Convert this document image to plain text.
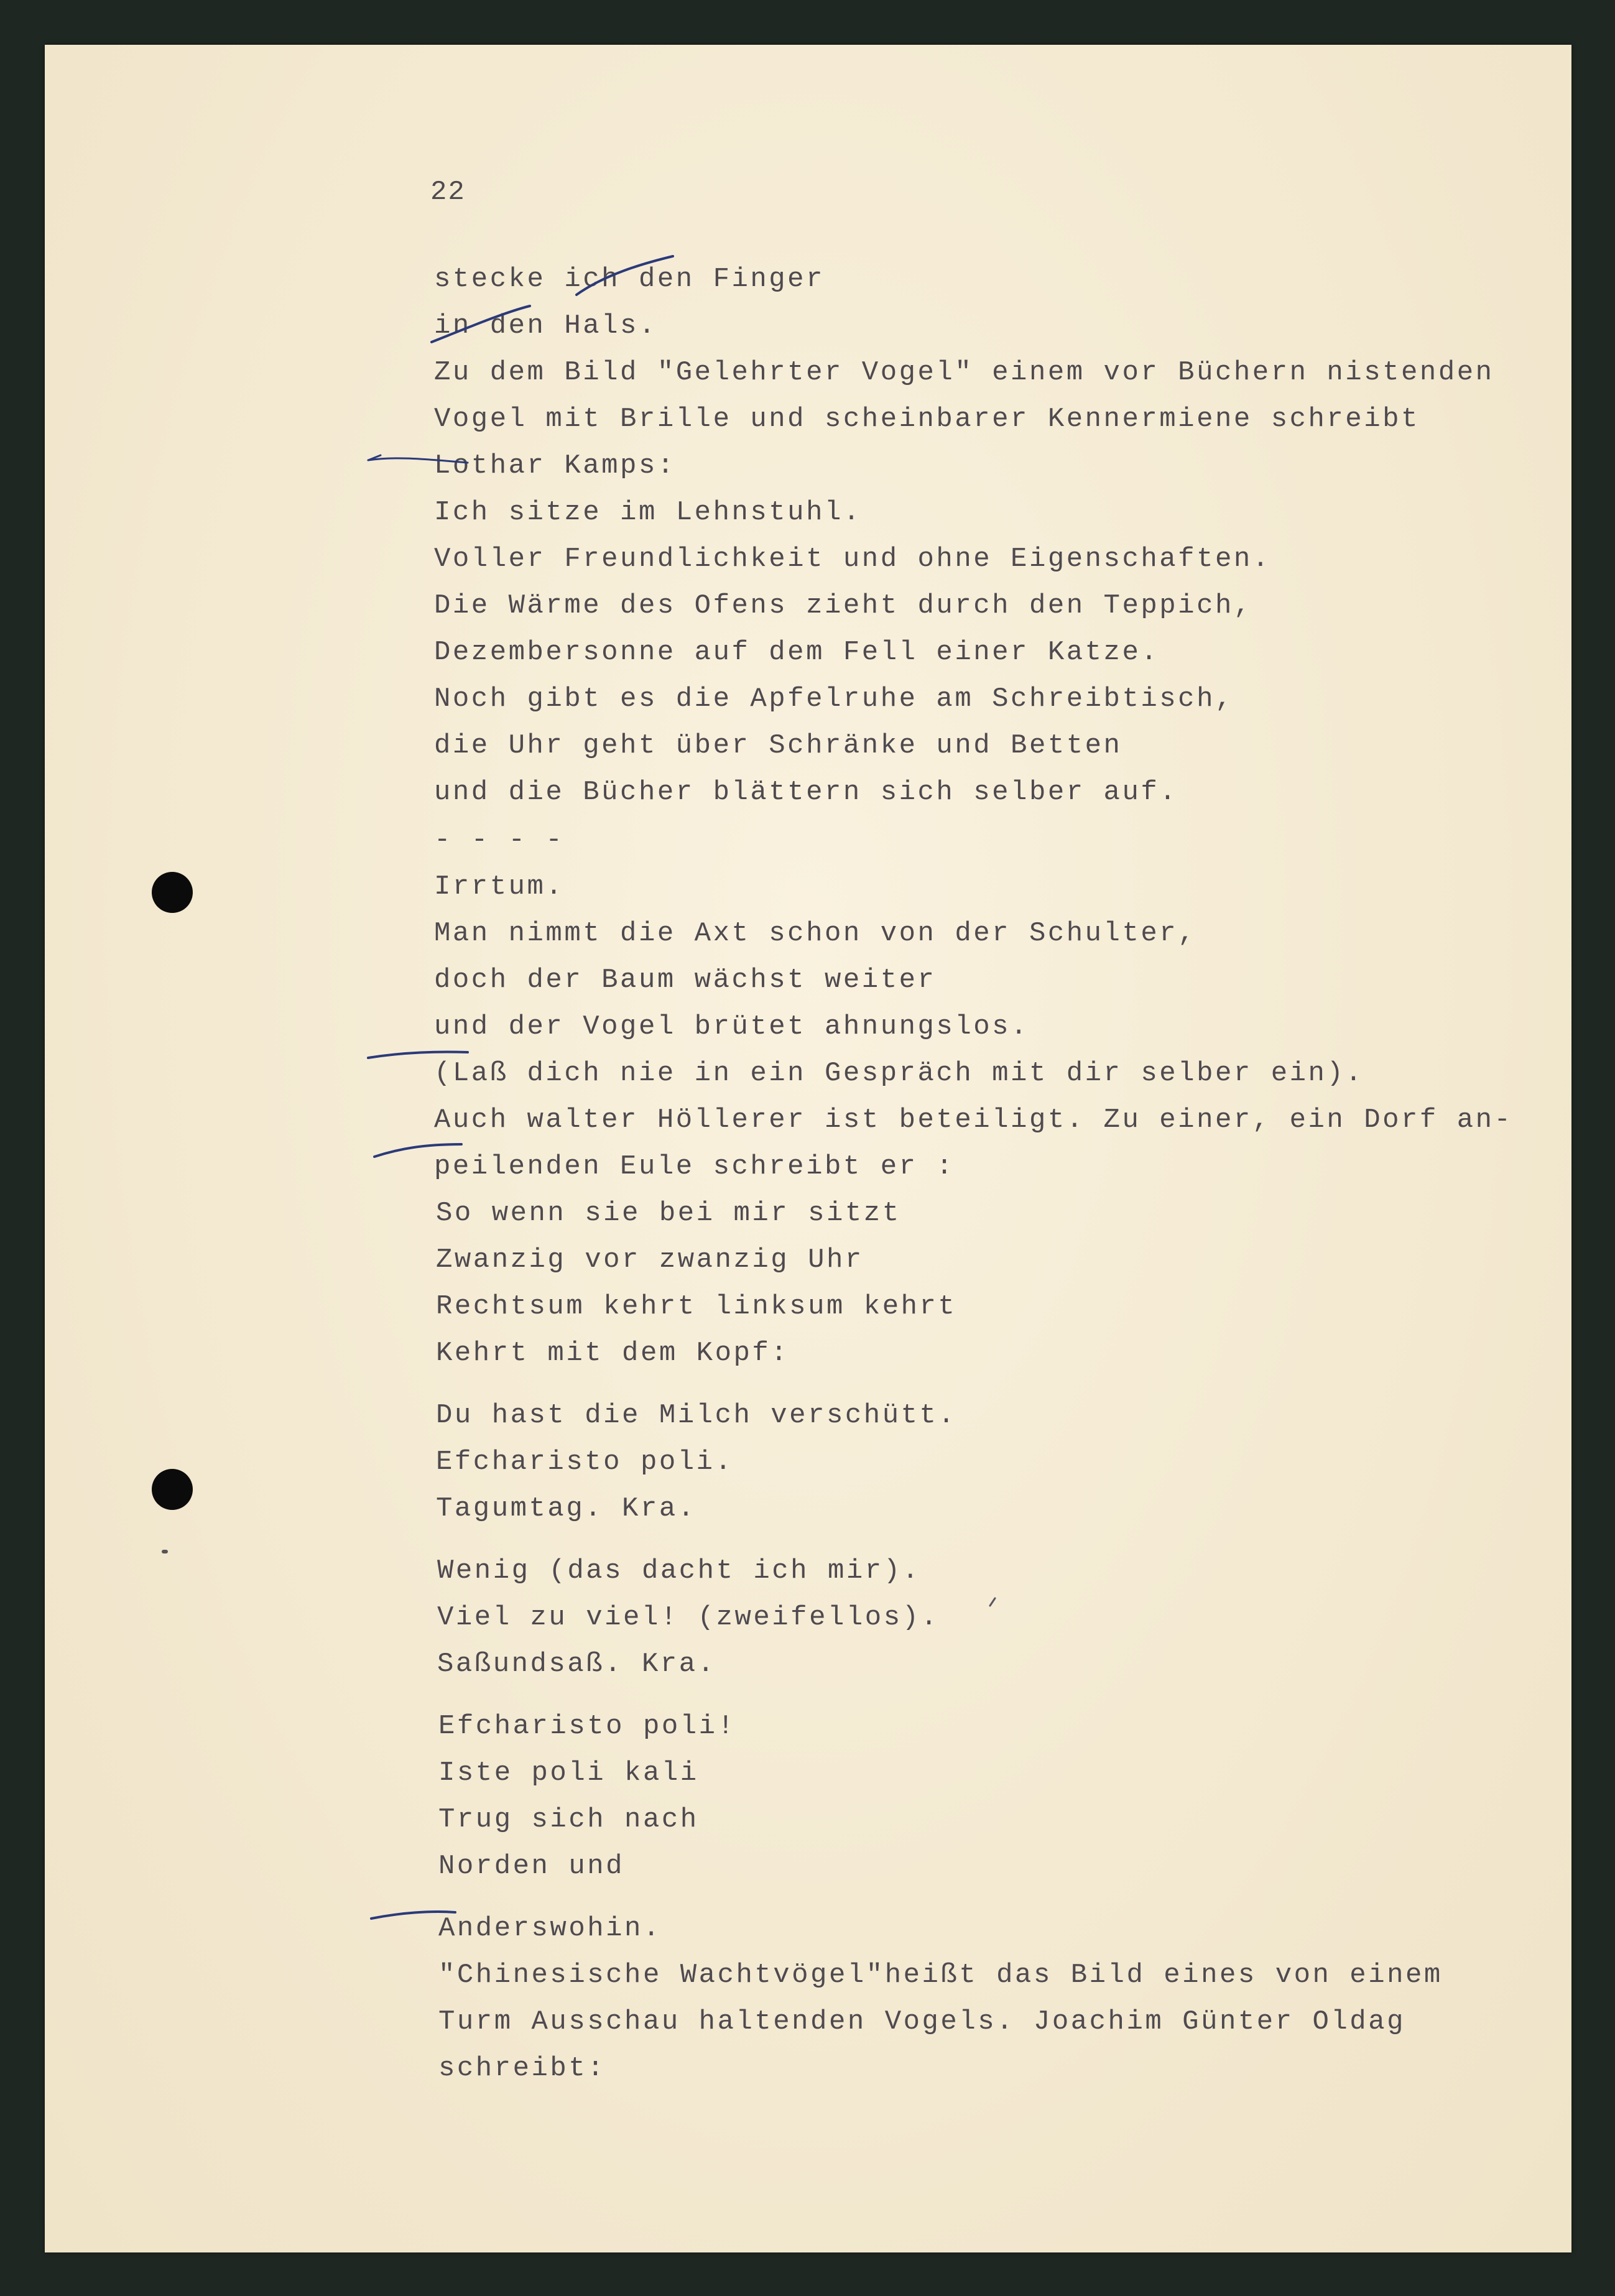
22
stecke ich den Finger
in den Hals.
Zu dem Bild "Gelehrter Vogel" einem vor Büchern nistenden
Vogel mit Brille und scheinbarer Kennermiene schreibt
Lothar Kamps:
Ich sitze im Lehnstuhl.
Voller Freundlichkeit und ohne Eigenschaften.
Die Wärme des Ofens zieht durch den Teppich,
Dezembersonne auf dem Fell einer Katze.
Noch gibt es die Apfelruhe am Schreibtisch,
die Uhr geht über Schränke und Betten
und die Bücher blättern sich selber auf.
- - - -
Irrtum.
Man nimmt die Axt schon von der Schulter,
doch der Baum wächst weiter
und der Vogel brütet ahnungslos.
(Laß dich nie in ein Gespräch mit dir selber ein).
Auch walter Höllerer ist beteiligt. Zu einer, ein Dorf an-
peilenden Eule schreibt er :
So wenn sie bei mir sitzt
Zwanzig vor zwanzig Uhr
Rechtsum kehrt linksum kehrt
Kehrt mit dem Kopf:
Du hast die Milch verschütt.
Efcharisto poli.
Tagumtag. Kra.
Wenig (das dacht ich mir).
Viel zu viel! (zweifellos).
Saßundsaß. Kra.
Efcharisto poli!
Iste poli kali
Trug sich nach
Norden und
Anderswohin.
"Chinesische Wachtvögel"heißt das Bild eines von einem
Turm Ausschau haltenden Vogels. Joachim Günter Oldag
schreibt:
